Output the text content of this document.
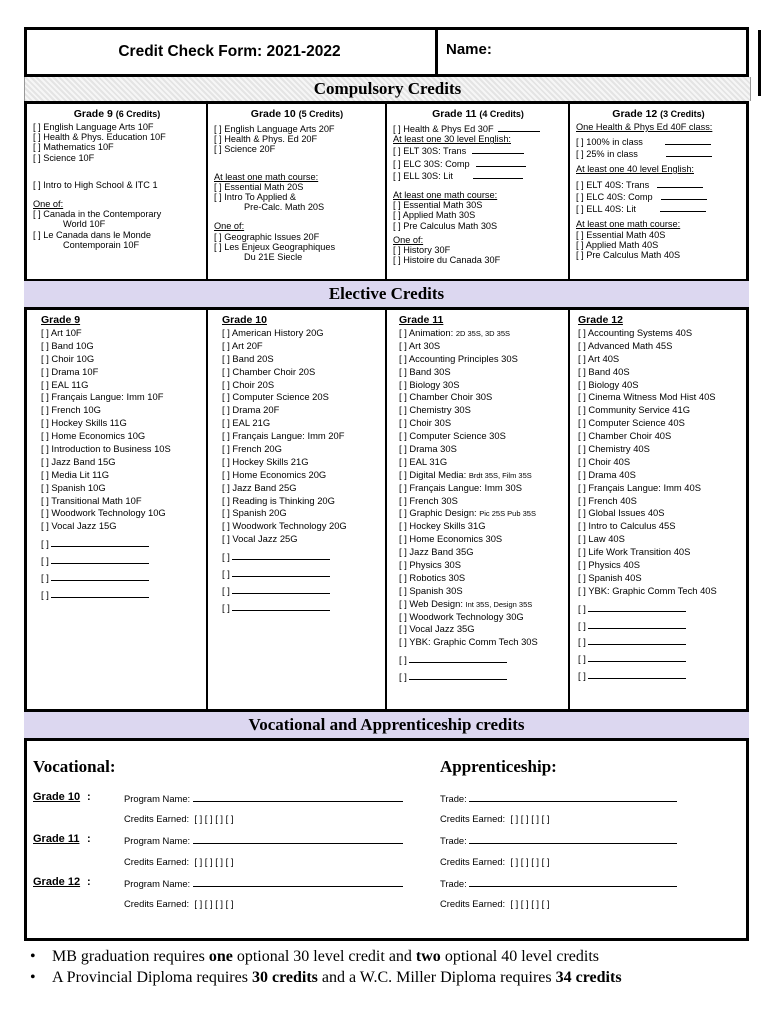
Credit Check Form: 2021-2022	Name:
Compulsory Credits
Grade 9 (6 Credits)
[ ] English Language Arts 10F
[ ] Health & Phys. Education 10F
[ ] Mathematics 10F
[ ] Science 10F
[ ] Intro to High School & ITC 1
One of:
[ ] Canada in the Contemporary
World 10F
[ ] Le Canada dans le Monde
Contemporain 10F
Grade 10 (5 Credits)
[ ] English Language Arts 20F
[ ] Health & Phys. Ed 20F
[ ] Science 20F
At least one math course:
[ ] Essential Math 20S
[ ] Intro To Applied &
Pre-Calc. Math 20S
One of:
[ ] Geographic Issues 20F
[ ] Les Enjeux Geographiques
Du 21E Siecle
Grade 11 (4 Credits)
[ ] Health & Phys Ed 30F
At least one 30 level English:
[ ] ELT 30S: Trans
[ ] ELC 30S: Comp
[ ] ELL 30S: Lit
At least one math course:
[ ] Essential Math 30S
[ ] Applied Math 30S
[ ] Pre Calculus Math 30S
One of:
[ ] History 30F
[ ] Histoire du Canada 30F
Grade 12 (3 Credits)
One Health & Phys Ed 40F class:
[ ] 100% in class
[ ] 25% in class
At least one 40 level English:
[ ] ELT 40S: Trans
[ ] ELC 40S: Comp
[ ] ELL 40S: Lit
At least one math course:
[ ] Essential Math 40S
[ ] Applied Math 40S
[ ] Pre Calculus Math 40S
Elective Credits
Grade 9
[ ] Art 10F
[ ] Band 10G
[ ] Choir 10G
[ ] Drama 10F
[ ] EAL 11G
[ ] Français Langue: Imm 10F
[ ] French 10G
[ ] Hockey Skills 11G
[ ] Home Economics 10G
[ ] Introduction to Business 10S
[ ] Jazz Band 15G
[ ] Media Lit 11G
[ ] Spanish 10G
[ ] Transitional Math 10F
[ ] Woodwork Technology 10G
[ ] Vocal Jazz 15G
[ ]
[ ]
[ ]
[ ]
Grade 10
[ ] American History 20G
[ ] Art 20F
[ ] Band 20S
[ ] Chamber Choir 20S
[ ] Choir 20S
[ ] Computer Science 20S
[ ] Drama 20F
[ ] EAL 21G
[ ] Français Langue: Imm 20F
[ ] French 20G
[ ] Hockey Skills 21G
[ ] Home Economics 20G
[ ] Jazz Band 25G
[ ] Reading is Thinking 20G
[ ] Spanish 20G
[ ] Woodwork Technology 20G
[ ] Vocal Jazz 25G
[ ]
[ ]
[ ]
[ ]
Grade 11
[ ] Animation: 2D 35S, 3D 35S
[ ] Art 30S
[ ] Accounting Principles 30S
[ ] Band 30S
[ ] Biology 30S
[ ] Chamber Choir 30S
[ ] Chemistry 30S
[ ] Choir 30S
[ ] Computer Science 30S
[ ] Drama 30S
[ ] EAL 31G
[ ] Digital Media: Brdt 35S, Film 35S
[ ] Français Langue: Imm 30S
[ ] French 30S
[ ] Graphic Design: Pic 25S Pub 35S
[ ] Hockey Skills 31G
[ ] Home Economics 30S
[ ] Jazz Band 35G
[ ] Physics 30S
[ ] Robotics 30S
[ ] Spanish 30S
[ ] Web Design: Int 35S, Design 35S
[ ] Woodwork Technology 30G
[ ] Vocal Jazz 35G
[ ] YBK: Graphic Comm Tech 30S
[ ]
[ ]
Grade 12
[ ] Accounting Systems 40S
[ ] Advanced Math 45S
[ ] Art 40S
[ ] Band 40S
[ ] Biology 40S
[ ] Cinema Witness Mod Hist 40S
[ ] Community Service 41G
[ ] Computer Science 40S
[ ] Chamber Choir 40S
[ ] Chemistry 40S
[ ] Choir 40S
[ ] Drama 40S
[ ] Français Langue: Imm 40S
[ ] French 40S
[ ] Global Issues 40S
[ ] Intro to Calculus 45S
[ ] Law 40S
[ ] Life Work Transition 40S
[ ] Physics 40S
[ ] Spanish 40S
[ ] YBK: Graphic Comm Tech 40S
[ ]
[ ]
[ ]
[ ]
[ ]
Vocational and Apprenticeship credits
Vocational:	Apprenticeship:
Grade 10 :	Program Name:	Trade:
Credits Earned: [ ] [ ] [ ] [ ]	Credits Earned: [ ] [ ] [ ] [ ]
Grade 11 :	Program Name:	Trade:
Credits Earned: [ ] [ ] [ ] [ ]	Credits Earned: [ ] [ ] [ ] [ ]
Grade 12 :	Program Name:	Trade:
Credits Earned: [ ] [ ] [ ] [ ]	Credits Earned: [ ] [ ] [ ] [ ]
• MB graduation requires one optional 30 level credit and two optional 40 level credits
• A Provincial Diploma requires 30 credits and a W.C. Miller Diploma requires 34 credits
